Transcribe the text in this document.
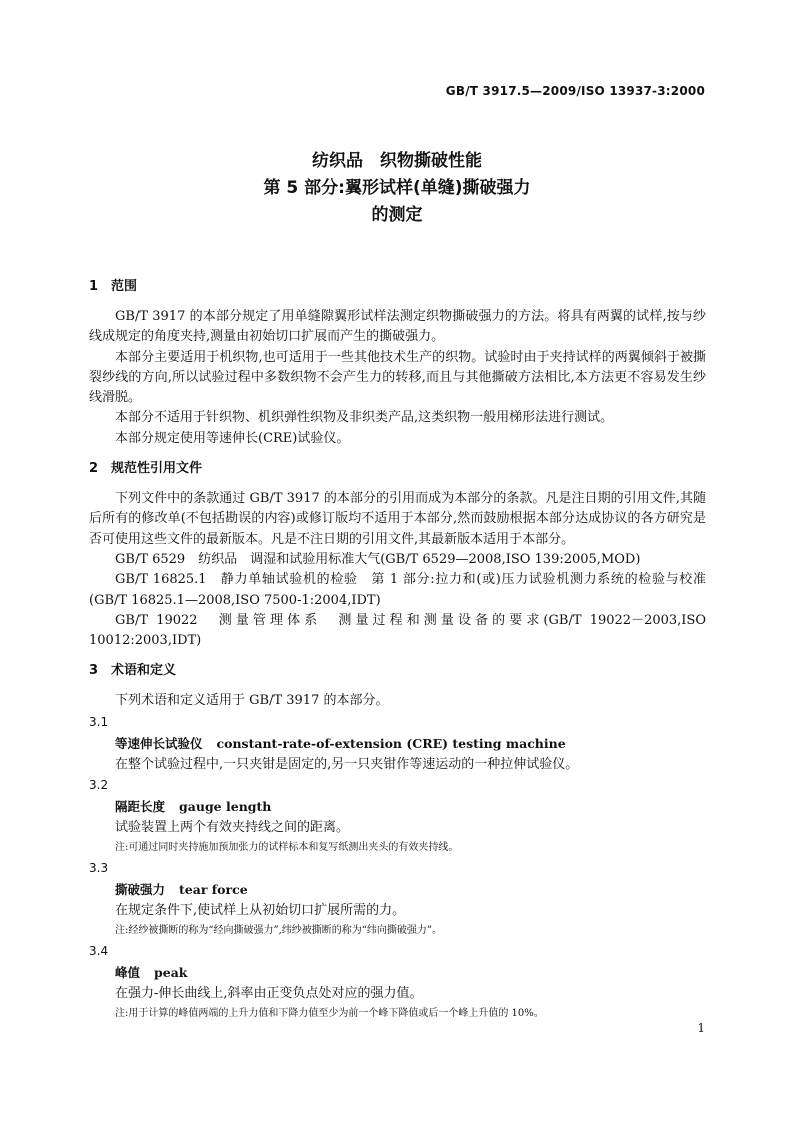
GB/T 3917.5—2009/ISO 13937-3:2000
纺织品　织物撕破性能
第 5 部分:翼形试样(单缝)撕破强力
的测定
1 范围

GB/T 3917 的本部分规定了用单缝隙翼形试样法测定织物撕破强力的方法。将具有两翼的试样,按与纱线成规定的角度夹持,测量由初始切口扩展而产生的撕破强力。

本部分主要适用于机织物,也可适用于一些其他技术生产的织物。试验时由于夹持试样的两翼倾斜于被撕裂纱线的方向,所以试验过程中多数织物不会产生力的转移,而且与其他撕破方法相比,本方法更不容易发生纱线滑脱。

本部分不适用于针织物、机织弹性织物及非织类产品,这类织物一般用梯形法进行测试。

本部分规定使用等速伸长(CRE)试验仪。

2 规范性引用文件

下列文件中的条款通过 GB/T 3917 的本部分的引用而成为本部分的条款。凡是注日期的引用文件,其随后所有的修改单(不包括勘误的内容)或修订版均不适用于本部分,然而鼓励根据本部分达成协议的各方研究是否可使用这些文件的最新版本。凡是不注日期的引用文件,其最新版本适用于本部分。

GB/T 6529　纺织品　调湿和试验用标准大气(GB/T 6529—2008,ISO 139:2005,MOD)

GB/T 16825.1　静力单轴试验机的检验　第 1 部分:拉力和(或)压力试验机测力系统的检验与校准(GB/T 16825.1—2008,ISO 7500-1:2004,IDT)

GB/T 19022　测量管理体系　测量过程和测量设备的要求(GB/T 19022－2003,ISO 10012:2003,IDT)

3 术语和定义

下列术语和定义适用于 GB/T 3917 的本部分。

3.1
等速伸长试验仪 constant-rate-of-extension (CRE) testing machine
在整个试验过程中,一只夹钳是固定的,另一只夹钳作等速运动的一种拉伸试验仪。
3.2
隔距长度 gauge length
试验装置上两个有效夹持线之间的距离。
注:可通过同时夹持施加预加张力的试样标本和复写纸测出夹头的有效夹持线。
3.3
撕破强力 tear force
在规定条件下,使试样上从初始切口扩展所需的力。
注:经纱被撕断的称为“经向撕破强力”,纬纱被撕断的称为“纬向撕破强力”。
3.4
峰值 peak
在强力-伸长曲线上,斜率由正变负点处对应的强力值。
注:用于计算的峰值两端的上升力值和下降力值至少为前一个峰下降值或后一个峰上升值的 10%。
1
